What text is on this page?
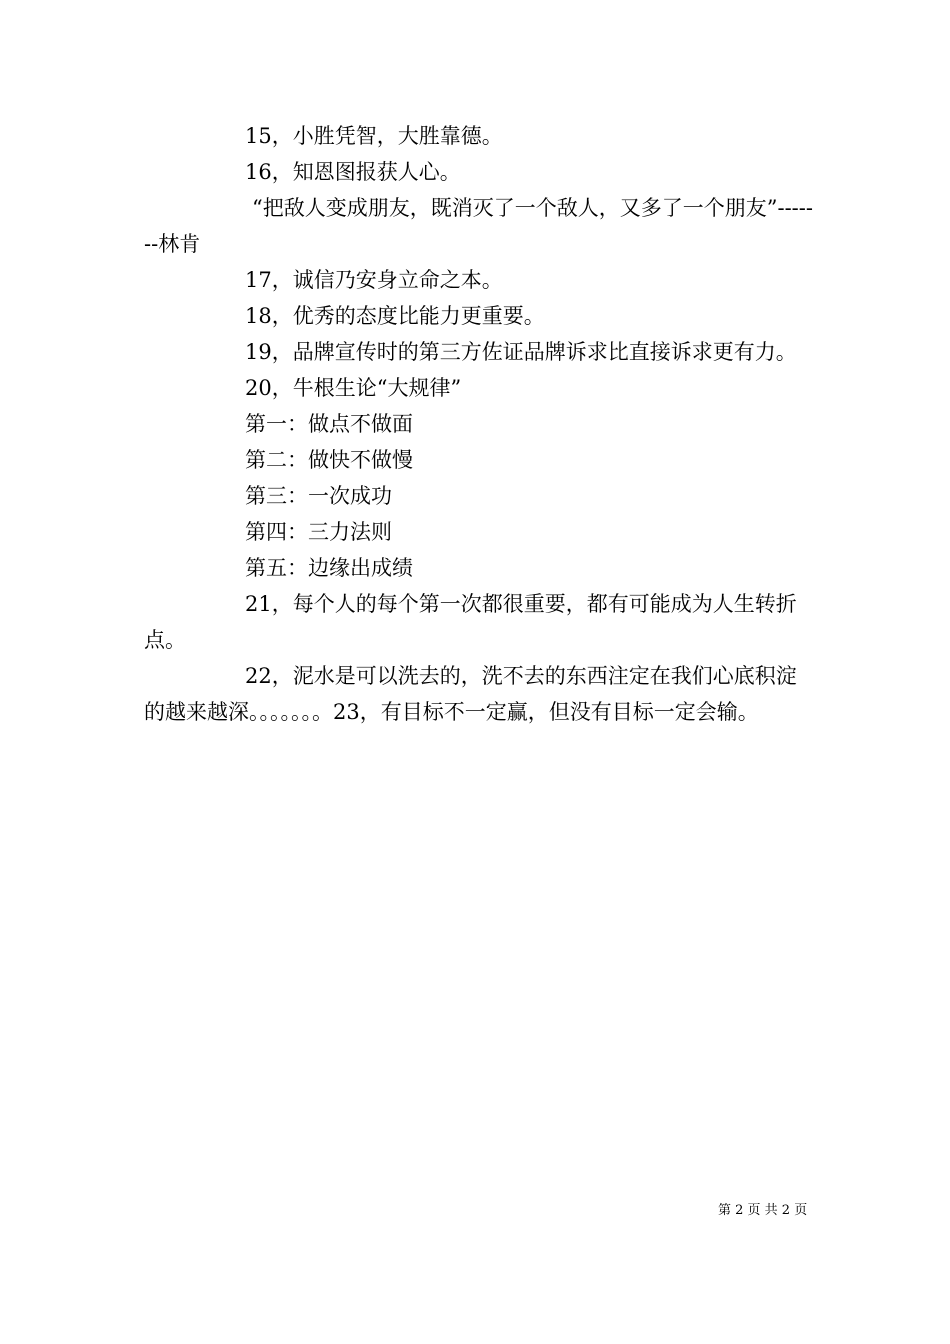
15，小胜凭智，大胜靠德。

16，知恩图报获人心。

“把敌人变成朋友，既消灭了一个敌人，又多了一个朋友”-------林肯

17，诚信乃安身立命之本。

18，优秀的态度比能力更重要。

19，品牌宣传时的第三方佐证品牌诉求比直接诉求更有力。

20，牛根生论“大规律”

第一：做点不做面

第二：做快不做慢

第三：一次成功

第四：三力法则

第五：边缘出成绩

21，每个人的每个第一次都很重要，都有可能成为人生转折点。

22，泥水是可以洗去的，洗不去的东西注定在我们心底积淀的越来越深。。。。。。。23，有目标不一定赢，但没有目标一定会输。

第 2 页 共 2 页
